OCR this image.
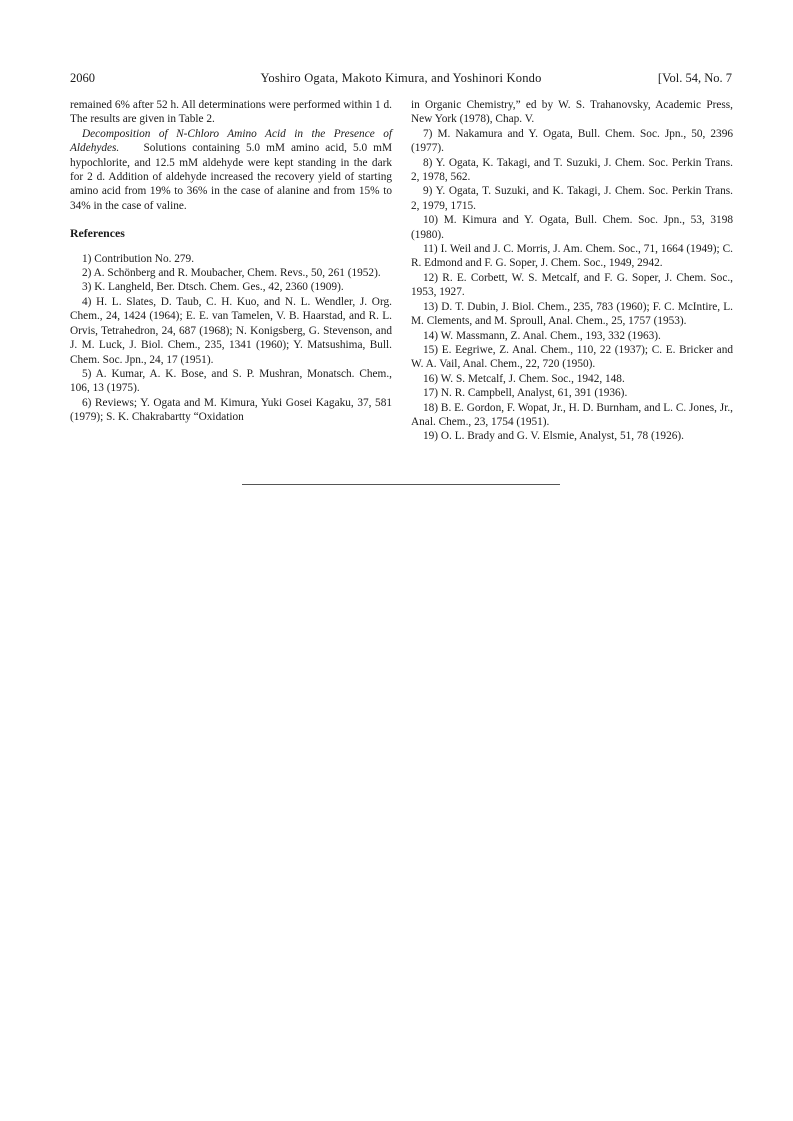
2060	Yoshiro Ogata, Makoto Kimura, and Yoshinori Kondo	[Vol. 54, No. 7

remained 6% after 52 h. All determinations were performed within 1 d. The results are given in Table 2.

Decomposition of N-Chloro Amino Acid in the Presence of Aldehydes. Solutions containing 5.0 mM amino acid, 5.0 mM hypochlorite, and 12.5 mM aldehyde were kept standing in the dark for 2 d. Addition of aldehyde increased the recovery yield of starting amino acid from 19% to 36% in the case of alanine and from 15% to 34% in the case of valine.

References

1) Contribution No. 279.

2) A. Schönberg and R. Moubacher, Chem. Revs., 50, 261 (1952).

3) K. Langheld, Ber. Dtsch. Chem. Ges., 42, 2360 (1909).

4) H. L. Slates, D. Taub, C. H. Kuo, and N. L. Wendler, J. Org. Chem., 24, 1424 (1964); E. E. van Tamelen, V. B. Haarstad, and R. L. Orvis, Tetrahedron, 24, 687 (1968); N. Konigsberg, G. Stevenson, and J. M. Luck, J. Biol. Chem., 235, 1341 (1960); Y. Matsushima, Bull. Chem. Soc. Jpn., 24, 17 (1951).

5) A. Kumar, A. K. Bose, and S. P. Mushran, Monatsch. Chem., 106, 13 (1975).

6) Reviews; Y. Ogata and M. Kimura, Yuki Gosei Kagaku, 37, 581 (1979); S. K. Chakrabartty “Oxidation

in Organic Chemistry,” ed by W. S. Trahanovsky, Academic Press, New York (1978), Chap. V.

7) M. Nakamura and Y. Ogata, Bull. Chem. Soc. Jpn., 50, 2396 (1977).

8) Y. Ogata, K. Takagi, and T. Suzuki, J. Chem. Soc. Perkin Trans. 2, 1978, 562.

9) Y. Ogata, T. Suzuki, and K. Takagi, J. Chem. Soc. Perkin Trans. 2, 1979, 1715.

10) M. Kimura and Y. Ogata, Bull. Chem. Soc. Jpn., 53, 3198 (1980).

11) I. Weil and J. C. Morris, J. Am. Chem. Soc., 71, 1664 (1949); C. R. Edmond and F. G. Soper, J. Chem. Soc., 1949, 2942.

12) R. E. Corbett, W. S. Metcalf, and F. G. Soper, J. Chem. Soc., 1953, 1927.

13) D. T. Dubin, J. Biol. Chem., 235, 783 (1960); F. C. McIntire, L. M. Clements, and M. Sproull, Anal. Chem., 25, 1757 (1953).

14) W. Massmann, Z. Anal. Chem., 193, 332 (1963).

15) E. Eegriwe, Z. Anal. Chem., 110, 22 (1937); C. E. Bricker and W. A. Vail, Anal. Chem., 22, 720 (1950).

16) W. S. Metcalf, J. Chem. Soc., 1942, 148.

17) N. R. Campbell, Analyst, 61, 391 (1936).

18) B. E. Gordon, F. Wopat, Jr., H. D. Burnham, and L. C. Jones, Jr., Anal. Chem., 23, 1754 (1951).

19) O. L. Brady and G. V. Elsmie, Analyst, 51, 78 (1926).
